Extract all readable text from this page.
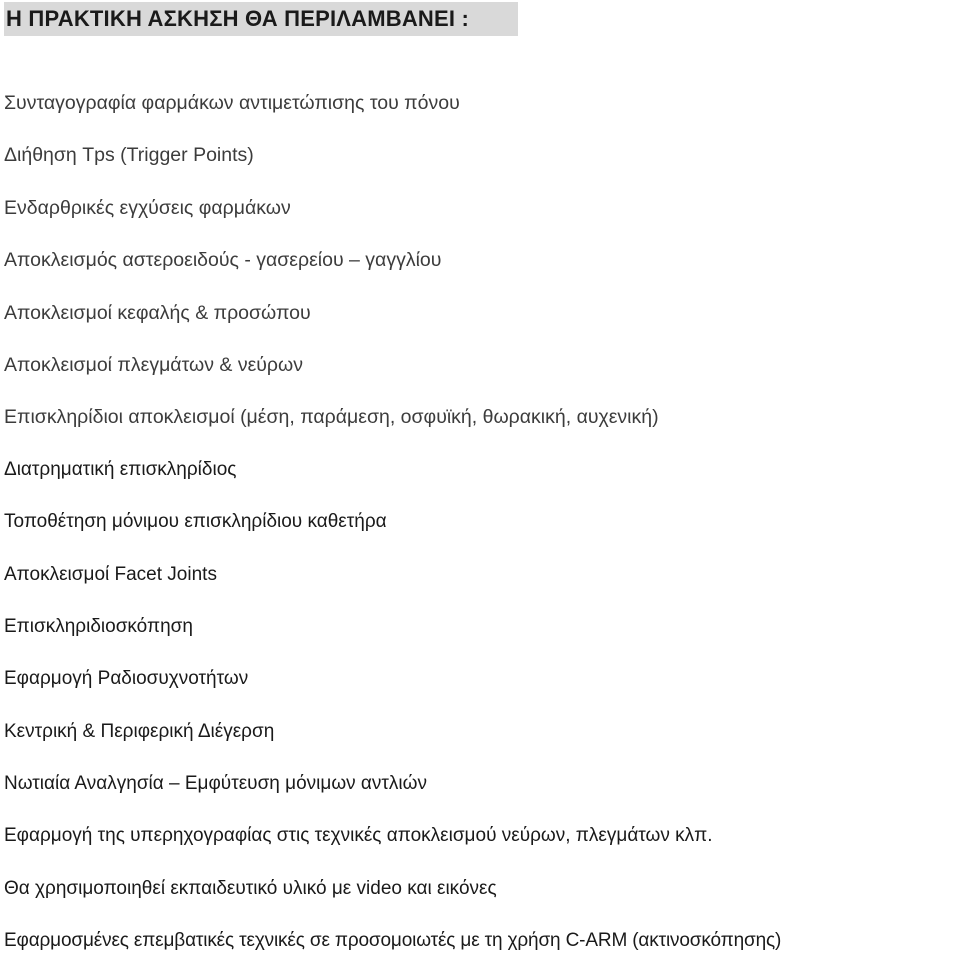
Η ΠΡΑΚΤΙΚΗ ΑΣΚΗΣΗ ΘΑ ΠΕΡΙΛΑΜΒΑΝΕΙ :
Συνταγογραφία φαρμάκων αντιμετώπισης του πόνου
Διήθηση Tps (Trigger Points)
Ενδαρθρικές εγχύσεις φαρμάκων
Αποκλεισμός αστεροειδούς - γασερείου – γαγγλίου
Αποκλεισμοί κεφαλής & προσώπου
Αποκλεισμοί πλεγμάτων & νεύρων
Επισκληρίδιοι αποκλεισμοί (μέση, παράμεση, οσφυϊκή, θωρακική, αυχενική)
Διατρηματική επισκληρίδιος
Τοποθέτηση μόνιμου επισκληρίδιου καθετήρα
Αποκλεισμοί Facet Joints
Επισκληριδιοσκόπηση
Εφαρμογή Ραδιοσυχνοτήτων
Κεντρική & Περιφερική Διέγερση
Νωτιαία Αναλγησία – Εμφύτευση μόνιμων αντλιών
Εφαρμογή της υπερηχογραφίας στις τεχνικές αποκλεισμού νεύρων, πλεγμάτων κλπ.
Θα χρησιμοποιηθεί εκπαιδευτικό υλικό με video και εικόνες
Εφαρμοσμένες επεμβατικές τεχνικές σε προσομοιωτές με τη χρήση C-ARM (ακτινοσκόπησης)
